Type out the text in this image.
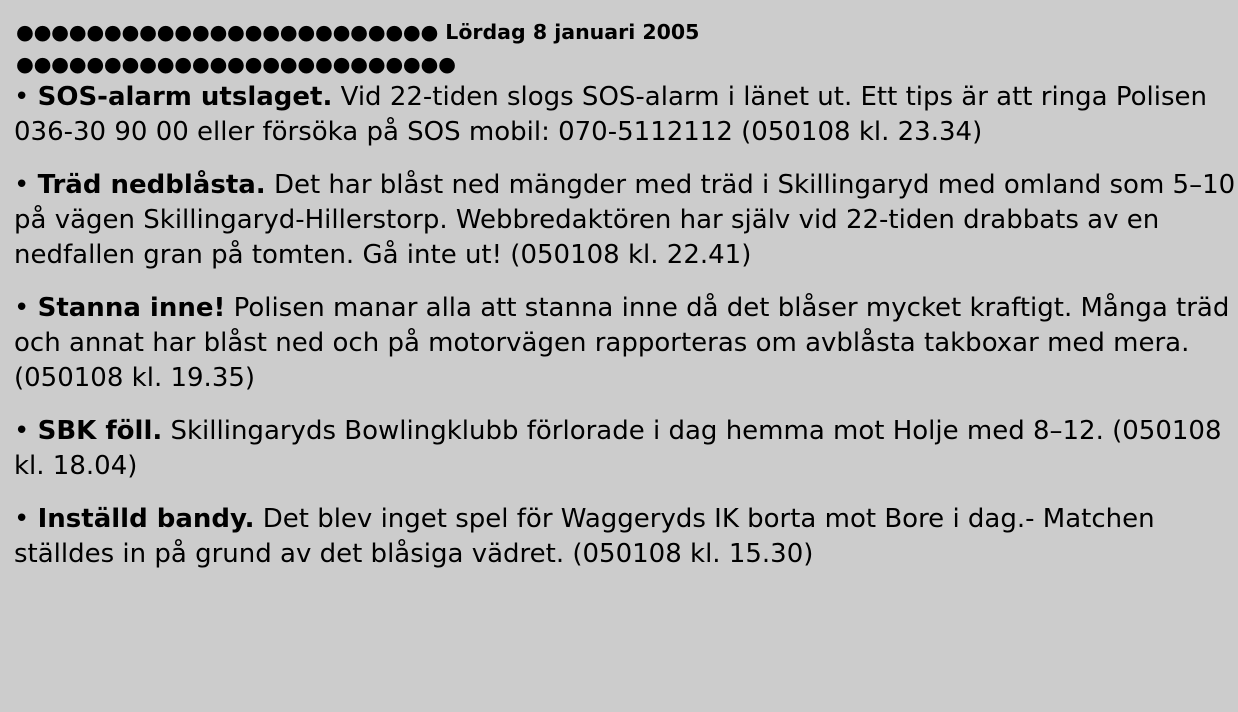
●●●●●●●●●●●●●●●●●●●●●●●● Lördag 8 januari 2005
●●●●●●●●●●●●●●●●●●●●●●●●●
• SOS-alarm utslaget. Vid 22-tiden slogs SOS-alarm i länet ut. Ett tips är att ringa Polisen 036-30 90 00 eller försöka på SOS mobil: 070-5112112 (050108 kl. 23.34)
• Träd nedblåsta. Det har blåst ned mängder med träd i Skillingaryd med omland som 5–10 på vägen Skillingaryd-Hillerstorp. Webbredaktören har själv vid 22-tiden drabbats av en nedfallen gran på tomten. Gå inte ut! (050108 kl. 22.41)
• Stanna inne! Polisen manar alla att stanna inne då det blåser mycket kraftigt. Många träd och annat har blåst ned och på motorvägen rapporteras om avblåsta takboxar med mera. (050108 kl. 19.35)
• SBK föll. Skillingaryds Bowlingklubb förlorade i dag hemma mot Holje med 8–12. (050108 kl. 18.04)
• Inställd bandy. Det blev inget spel för Waggeryds IK borta mot Bore i dag.- Matchen ställdes in på grund av det blåsiga vädret. (050108 kl. 15.30)
